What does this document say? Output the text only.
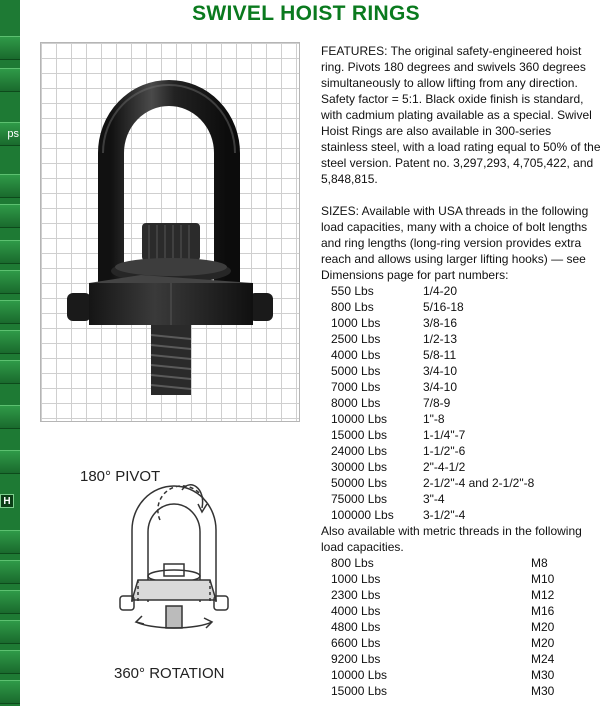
ps
H
SWIVEL HOIST RINGS
180° PIVOT
360° ROTATION

FEATURES: The original safety-engineered hoist ring. Pivots 180 degrees and swivels 360 degrees simultaneously to allow lifting from any direction. Safety factor = 5:1. Black oxide finish is standard, with cadmium plating available as a special. Swivel Hoist Rings are also available in 300-series stainless steel, with a load rating equal to 50% of the steel version. Patent no. 3,297,293, 4,705,422, and 5,848,815.

SIZES: Available with USA threads in the following load capacities, many with a choice of bolt lengths and ring lengths (long-ring version provides extra reach and allows using larger lifting hooks) — see Dimensions page for part numbers:

550 Lbs	1/4-20
800 Lbs	5/16-18
1000 Lbs	3/8-16
2500 Lbs	1/2-13
4000 Lbs	5/8-11
5000 Lbs	3/4-10
7000 Lbs	3/4-10
8000 Lbs	7/8-9
10000 Lbs	1"-8
15000 Lbs	1-1/4"-7
24000 Lbs	1-1/2"-6
30000 Lbs	2"-4-1/2
50000 Lbs	2-1/2"-4 and 2-1/2"-8
75000 Lbs	3"-4
100000 Lbs	3-1/2"-4

Also available with metric threads in the following load capacities.

800 Lbs	M8
1000 Lbs	M10
2300 Lbs	M12
4000 Lbs	M16
4800 Lbs	M20
6600 Lbs	M20
9200 Lbs	M24
10000 Lbs	M30
15000 Lbs	M30
